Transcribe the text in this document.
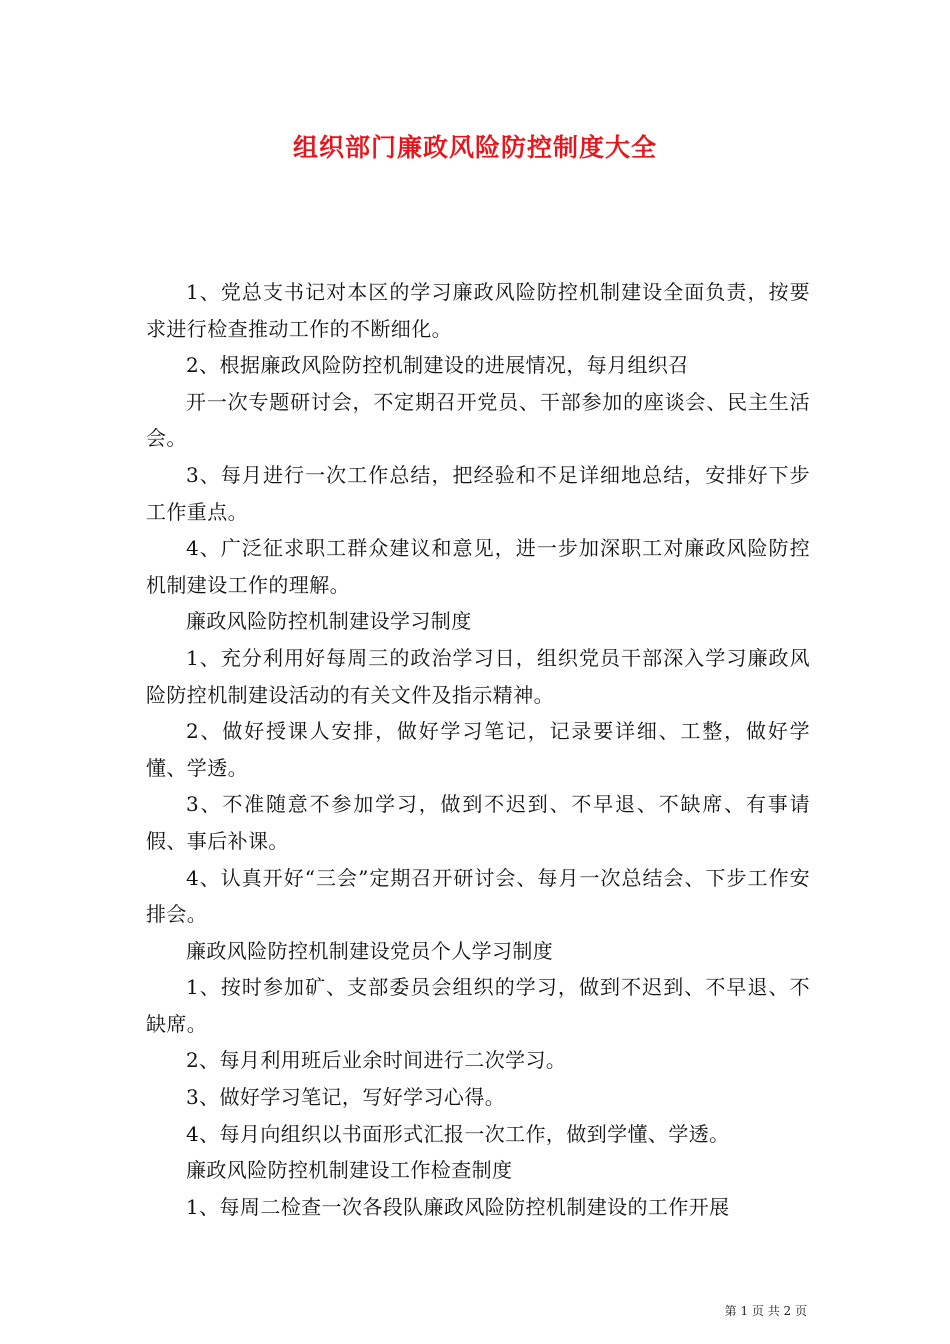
组织部门廉政风险防控制度大全

1、党总支书记对本区的学习廉政风险防控机制建设全面负责，按要求进行检查推动工作的不断细化。

2、根据廉政风险防控机制建设的进展情况，每月组织召

开一次专题研讨会，不定期召开党员、干部参加的座谈会、民主生活会。

3、每月进行一次工作总结，把经验和不足详细地总结，安排好下步工作重点。

4、广泛征求职工群众建议和意见，进一步加深职工对廉政风险防控机制建设工作的理解。

廉政风险防控机制建设学习制度

1、充分利用好每周三的政治学习日，组织党员干部深入学习廉政风险防控机制建设活动的有关文件及指示精神。

2、做好授课人安排，做好学习笔记，记录要详细、工整，做好学懂、学透。

3、不准随意不参加学习，做到不迟到、不早退、不缺席、有事请假、事后补课。

4、认真开好“三会”定期召开研讨会、每月一次总结会、下步工作安排会。

廉政风险防控机制建设党员个人学习制度

1、按时参加矿、支部委员会组织的学习，做到不迟到、不早退、不缺席。

2、每月利用班后业余时间进行二次学习。

3、做好学习笔记，写好学习心得。

4、每月向组织以书面形式汇报一次工作，做到学懂、学透。

廉政风险防控机制建设工作检查制度

1、每周二检查一次各段队廉政风险防控机制建设的工作开展

第 1 页 共 2 页
